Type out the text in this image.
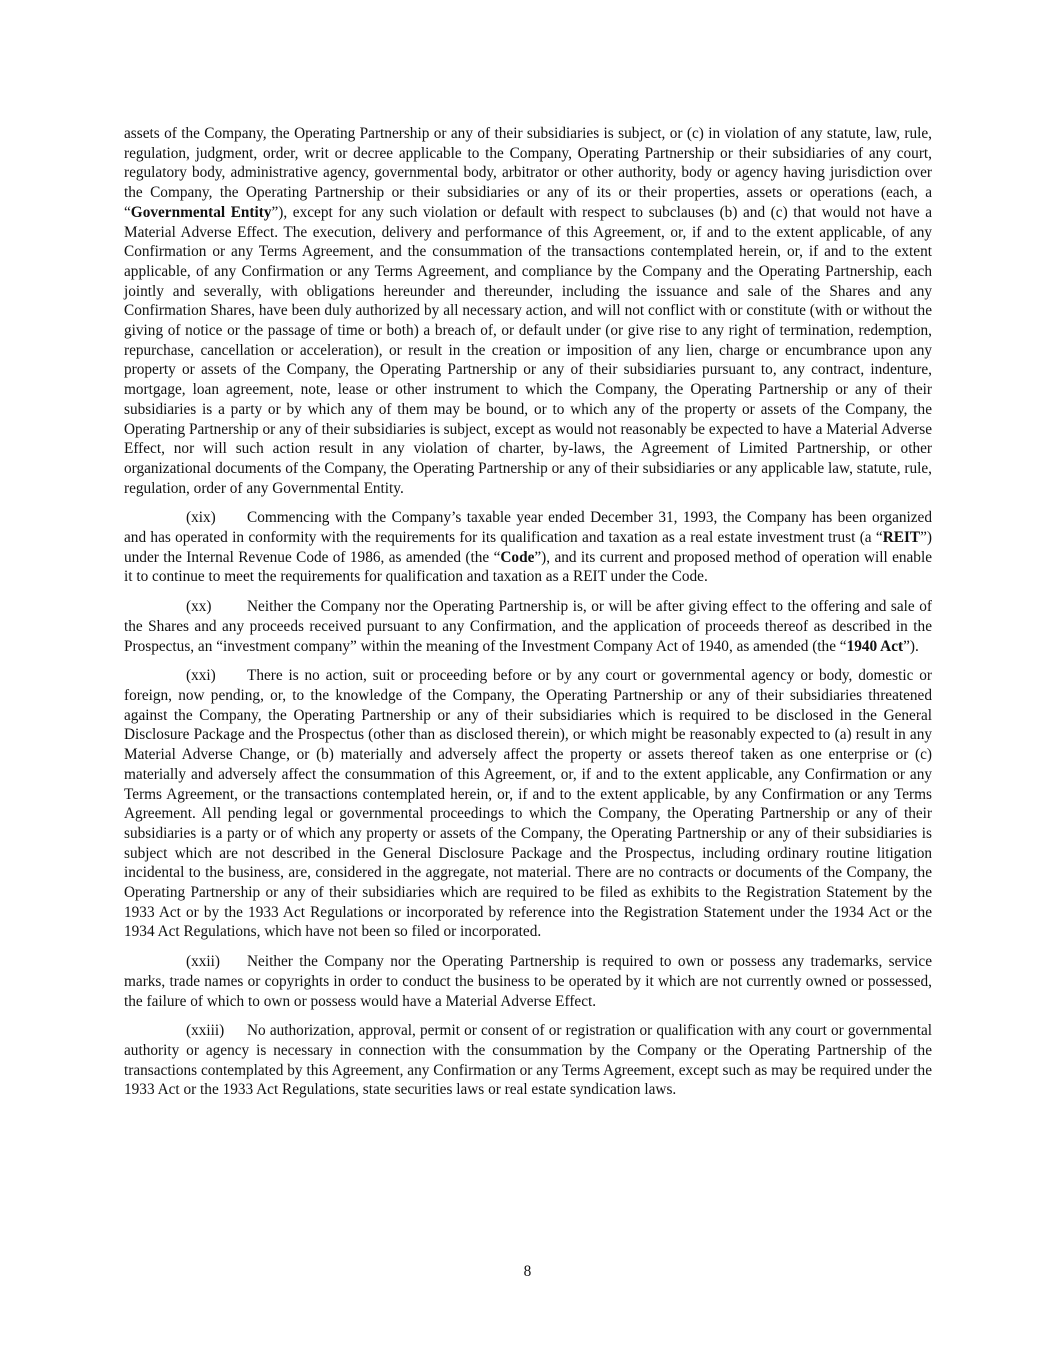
assets of the Company, the Operating Partnership or any of their subsidiaries is subject, or (c) in violation of any statute, law, rule, regulation, judgment, order, writ or decree applicable to the Company, Operating Partnership or their subsidiaries of any court, regulatory body, administrative agency, governmental body, arbitrator or other authority, body or agency having jurisdiction over the Company, the Operating Partnership or their subsidiaries or any of its or their properties, assets or operations (each, a “Governmental Entity”), except for any such violation or default with respect to subclauses (b) and (c) that would not have a Material Adverse Effect. The execution, delivery and performance of this Agreement, or, if and to the extent applicable, of any Confirmation or any Terms Agreement, and the consummation of the transactions contemplated herein, or, if and to the extent applicable, of any Confirmation or any Terms Agreement, and compliance by the Company and the Operating Partnership, each jointly and severally, with obligations hereunder and thereunder, including the issuance and sale of the Shares and any Confirmation Shares, have been duly authorized by all necessary action, and will not conflict with or constitute (with or without the giving of notice or the passage of time or both) a breach of, or default under (or give rise to any right of termination, redemption, repurchase, cancellation or acceleration), or result in the creation or imposition of any lien, charge or encumbrance upon any property or assets of the Company, the Operating Partnership or any of their subsidiaries pursuant to, any contract, indenture, mortgage, loan agreement, note, lease or other instrument to which the Company, the Operating Partnership or any of their subsidiaries is a party or by which any of them may be bound, or to which any of the property or assets of the Company, the Operating Partnership or any of their subsidiaries is subject, except as would not reasonably be expected to have a Material Adverse Effect, nor will such action result in any violation of charter, by-laws, the Agreement of Limited Partnership, or other organizational documents of the Company, the Operating Partnership or any of their subsidiaries or any applicable law, statute, rule, regulation, order of any Governmental Entity.

(xix) Commencing with the Company’s taxable year ended December 31, 1993, the Company has been organized and has operated in conformity with the requirements for its qualification and taxation as a real estate investment trust (a “REIT”) under the Internal Revenue Code of 1986, as amended (the “Code”), and its current and proposed method of operation will enable it to continue to meet the requirements for qualification and taxation as a REIT under the Code.

(xx) Neither the Company nor the Operating Partnership is, or will be after giving effect to the offering and sale of the Shares and any proceeds received pursuant to any Confirmation, and the application of proceeds thereof as described in the Prospectus, an “investment company” within the meaning of the Investment Company Act of 1940, as amended (the “1940 Act”).

(xxi) There is no action, suit or proceeding before or by any court or governmental agency or body, domestic or foreign, now pending, or, to the knowledge of the Company, the Operating Partnership or any of their subsidiaries threatened against the Company, the Operating Partnership or any of their subsidiaries which is required to be disclosed in the General Disclosure Package and the Prospectus (other than as disclosed therein), or which might be reasonably expected to (a) result in any Material Adverse Change, or (b) materially and adversely affect the property or assets thereof taken as one enterprise or (c) materially and adversely affect the consummation of this Agreement, or, if and to the extent applicable, any Confirmation or any Terms Agreement, or the transactions contemplated herein, or, if and to the extent applicable, by any Confirmation or any Terms Agreement. All pending legal or governmental proceedings to which the Company, the Operating Partnership or any of their subsidiaries is a party or of which any property or assets of the Company, the Operating Partnership or any of their subsidiaries is subject which are not described in the General Disclosure Package and the Prospectus, including ordinary routine litigation incidental to the business, are, considered in the aggregate, not material. There are no contracts or documents of the Company, the Operating Partnership or any of their subsidiaries which are required to be filed as exhibits to the Registration Statement by the 1933 Act or by the 1933 Act Regulations or incorporated by reference into the Registration Statement under the 1934 Act or the 1934 Act Regulations, which have not been so filed or incorporated.

(xxii) Neither the Company nor the Operating Partnership is required to own or possess any trademarks, service marks, trade names or copyrights in order to conduct the business to be operated by it which are not currently owned or possessed, the failure of which to own or possess would have a Material Adverse Effect.

(xxiii) No authorization, approval, permit or consent of or registration or qualification with any court or governmental authority or agency is necessary in connection with the consummation by the Company or the Operating Partnership of the transactions contemplated by this Agreement, any Confirmation or any Terms Agreement, except such as may be required under the 1933 Act or the 1933 Act Regulations, state securities laws or real estate syndication laws.

8
